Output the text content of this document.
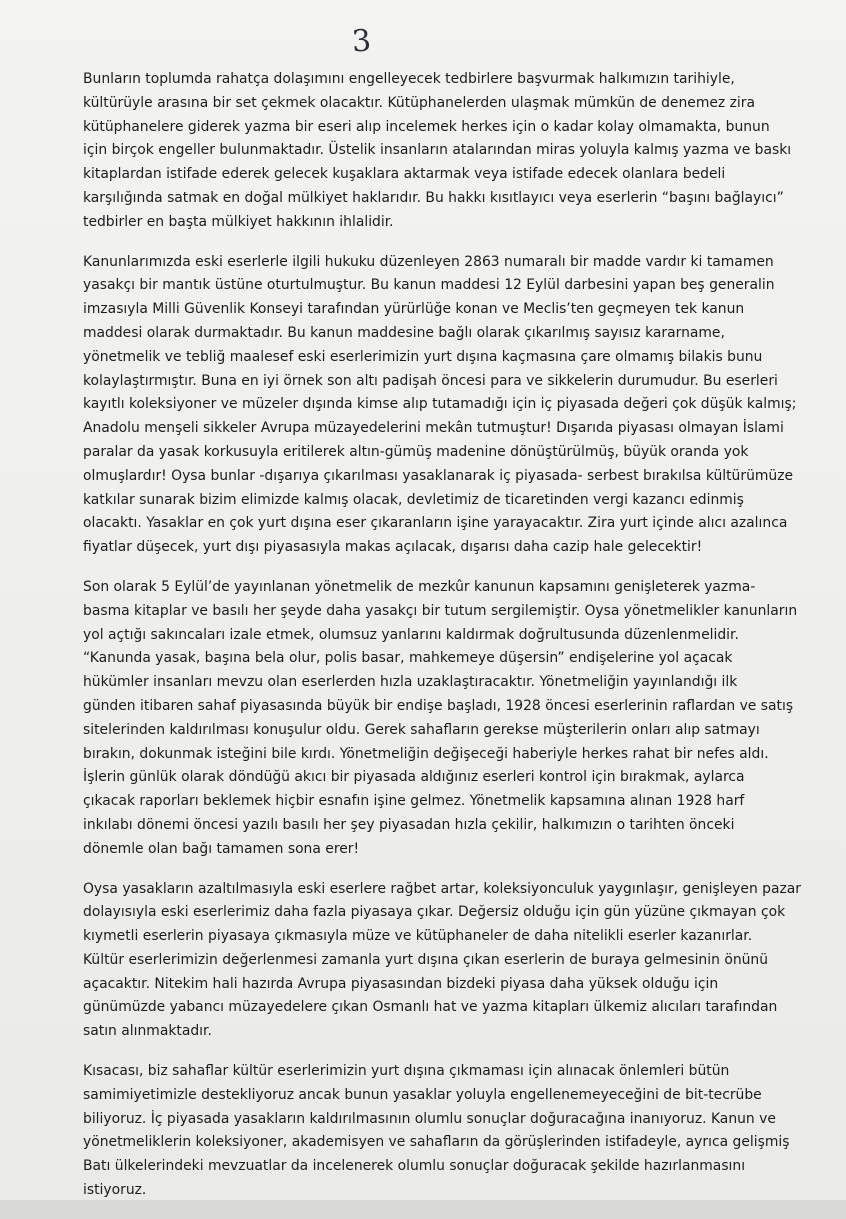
3
Bunların toplumda rahatça dolaşımını engelleyecek tedbirlere başvurmak halkımızın tarihiyle,
kültürüyle arasına bir set çekmek olacaktır. Kütüphanelerden ulaşmak mümkün de denemez zira
kütüphanelere giderek yazma bir eseri alıp incelemek herkes için o kadar kolay olmamakta, bunun
için birçok engeller bulunmaktadır. Üstelik insanların atalarından miras yoluyla kalmış yazma ve baskı
kitaplardan istifade ederek gelecek kuşaklara aktarmak veya istifade edecek olanlara bedeli
karşılığında satmak en doğal mülkiyet haklarıdır. Bu hakkı kısıtlayıcı veya eserlerin “başını bağlayıcı”
tedbirler en başta mülkiyet hakkının ihlalidir.
Kanunlarımızda eski eserlerle ilgili hukuku düzenleyen 2863 numaralı bir madde vardır ki tamamen
yasakçı bir mantık üstüne oturtulmuştur. Bu kanun maddesi 12 Eylül darbesini yapan beş generalin
imzasıyla Milli Güvenlik Konseyi tarafından yürürlüğe konan ve Meclis’ten geçmeyen tek kanun
maddesi olarak durmaktadır. Bu kanun maddesine bağlı olarak çıkarılmış sayısız kararname,
yönetmelik ve tebliğ maalesef eski eserlerimizin yurt dışına kaçmasına çare olmamış bilakis bunu
kolaylaştırmıştır. Buna en iyi örnek son altı padişah öncesi para ve sikkelerin durumudur. Bu eserleri
kayıtlı koleksiyoner ve müzeler dışında kimse alıp tutamadığı için iç piyasada değeri çok düşük kalmış;
Anadolu menşeli sikkeler Avrupa müzayedelerini mekân tutmuştur! Dışarıda piyasası olmayan İslami
paralar da yasak korkusuyla eritilerek altın-gümüş madenine dönüştürülmüş, büyük oranda yok
olmuşlardır! Oysa bunlar -dışarıya çıkarılması yasaklanarak iç piyasada- serbest bırakılsa kültürümüze
katkılar sunarak bizim elimizde kalmış olacak, devletimiz de ticaretinden vergi kazancı edinmiş
olacaktı. Yasaklar en çok yurt dışına eser çıkaranların işine yarayacaktır. Zira yurt içinde alıcı azalınca
fiyatlar düşecek, yurt dışı piyasasıyla makas açılacak, dışarısı daha cazip hale gelecektir!
Son olarak 5 Eylül’de yayınlanan yönetmelik de mezkûr kanunun kapsamını genişleterek yazma-
basma kitaplar ve basılı her şeyde daha yasakçı bir tutum sergilemiştir. Oysa yönetmelikler kanunların
yol açtığı sakıncaları izale etmek, olumsuz yanlarını kaldırmak doğrultusunda düzenlenmelidir.
“Kanunda yasak, başına bela olur, polis basar, mahkemeye düşersin” endişelerine yol açacak
hükümler insanları mevzu olan eserlerden hızla uzaklaştıracaktır. Yönetmeliğin yayınlandığı ilk
günden itibaren sahaf piyasasında büyük bir endişe başladı, 1928 öncesi eserlerinin raflardan ve satış
sitelerinden kaldırılması konuşulur oldu. Gerek sahafların gerekse müşterilerin onları alıp satmayı
bırakın, dokunmak isteğini bile kırdı. Yönetmeliğin değişeceği haberiyle herkes rahat bir nefes aldı.
İşlerin günlük olarak döndüğü akıcı bir piyasada aldığınız eserleri kontrol için bırakmak, aylarca
çıkacak raporları beklemek hiçbir esnafın işine gelmez. Yönetmelik kapsamına alınan 1928 harf
inkılabı dönemi öncesi yazılı basılı her şey piyasadan hızla çekilir, halkımızın o tarihten önceki
dönemle olan bağı tamamen sona erer!
Oysa yasakların azaltılmasıyla eski eserlere rağbet artar, koleksiyonculuk yaygınlaşır, genişleyen pazar
dolayısıyla eski eserlerimiz daha fazla piyasaya çıkar. Değersiz olduğu için gün yüzüne çıkmayan çok
kıymetli eserlerin piyasaya çıkmasıyla müze ve kütüphaneler de daha nitelikli eserler kazanırlar.
Kültür eserlerimizin değerlenmesi zamanla yurt dışına çıkan eserlerin de buraya gelmesinin önünü
açacaktır. Nitekim hali hazırda Avrupa piyasasından bizdeki piyasa daha yüksek olduğu için
günümüzde yabancı müzayedelere çıkan Osmanlı hat ve yazma kitapları ülkemiz alıcıları tarafından
satın alınmaktadır.
Kısacası, biz sahaflar kültür eserlerimizin yurt dışına çıkmaması için alınacak önlemleri bütün
samimiyetimizle destekliyoruz ancak bunun yasaklar yoluyla engellenemeyeceğini de bit-tecrübe
biliyoruz. İç piyasada yasakların kaldırılmasının olumlu sonuçlar doğuracağına inanıyoruz. Kanun ve
yönetmeliklerin koleksiyoner, akademisyen ve sahafların da görüşlerinden istifadeyle, ayrıca gelişmiş
Batı ülkelerindeki mevzuatlar da incelenerek olumlu sonuçlar doğuracak şekilde hazırlanmasını
istiyoruz.
